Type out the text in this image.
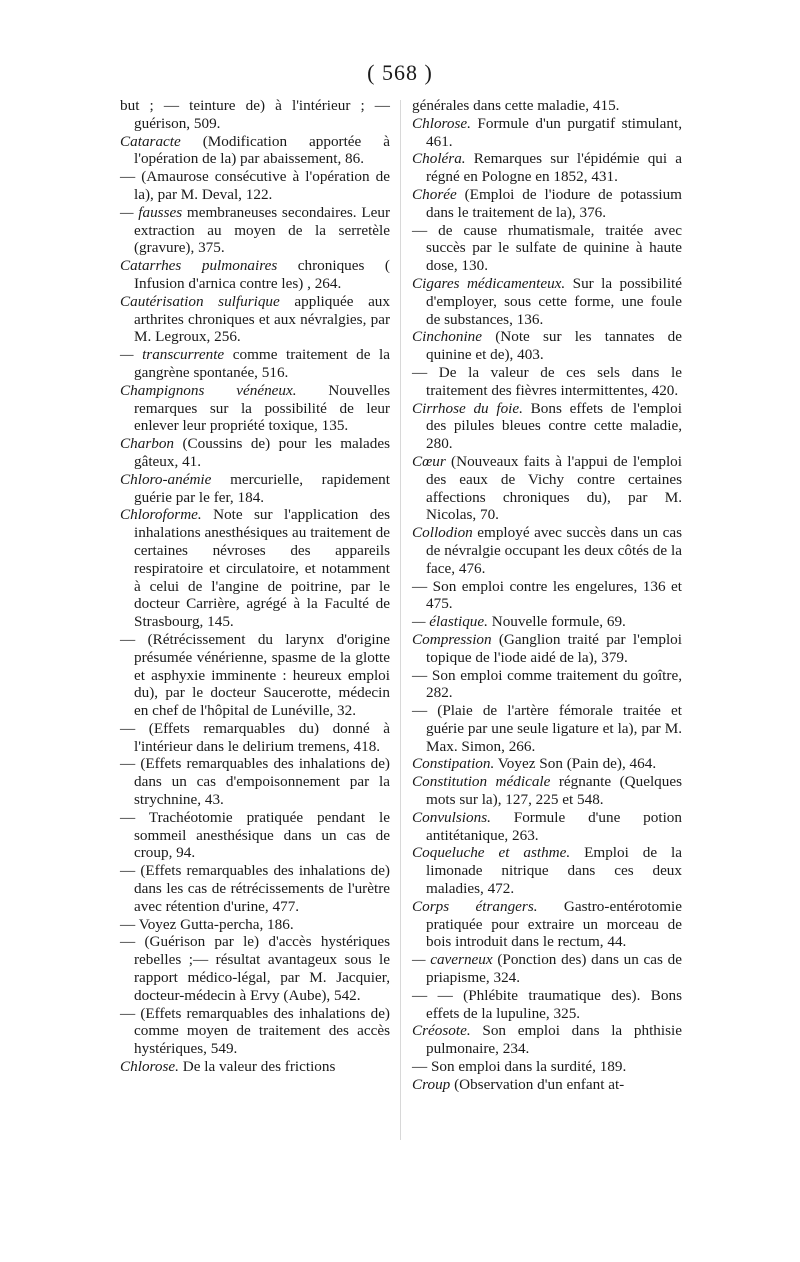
( 568 )

but ; — teinture de) à l'intérieur ; — guérison, 509.

Cataracte (Modification apportée à l'opération de la) par abaissement, 86.

— (Amaurose consécutive à l'opération de la), par M. Deval, 122.

— fausses membraneuses secondaires. Leur extraction au moyen de la serretèle (gravure), 375.

Catarrhes pulmonaires chroniques ( Infusion d'arnica contre les) , 264.

Cautérisation sulfurique appliquée aux arthrites chroniques et aux névralgies, par M. Legroux, 256.

— transcurrente comme traitement de la gangrène spontanée, 516.

Champignons vénéneux. Nouvelles remarques sur la possibilité de leur enlever leur propriété toxique, 135.

Charbon (Coussins de) pour les malades gâteux, 41.

Chloro-anémie mercurielle, rapidement guérie par le fer, 184.

Chloroforme. Note sur l'application des inhalations anesthésiques au traitement de certaines névroses des appareils respiratoire et circulatoire, et notamment à celui de l'angine de poitrine, par le docteur Carrière, agrégé à la Faculté de Strasbourg, 145.

— (Rétrécissement du larynx d'origine présumée vénérienne, spasme de la glotte et asphyxie imminente : heureux emploi du), par le docteur Saucerotte, médecin en chef de l'hôpital de Lunéville, 32.

— (Effets remarquables du) donné à l'intérieur dans le delirium tremens, 418.

— (Effets remarquables des inhalations de) dans un cas d'empoisonnement par la strychnine, 43.

— Trachéotomie pratiquée pendant le sommeil anesthésique dans un cas de croup, 94.

— (Effets remarquables des inhalations de) dans les cas de rétrécissements de l'urètre avec rétention d'urine, 477.

— Voyez Gutta-percha, 186.

— (Guérison par le) d'accès hystériques rebelles ;— résultat avantageux sous le rapport médico-légal, par M. Jacquier, docteur-médecin à Ervy (Aube), 542.

— (Effets remarquables des inhalations de) comme moyen de traitement des accès hystériques, 549.

Chlorose. De la valeur des frictions

générales dans cette maladie, 415.

Chlorose. Formule d'un purgatif stimulant, 461.

Choléra. Remarques sur l'épidémie qui a régné en Pologne en 1852, 431.

Chorée (Emploi de l'iodure de potassium dans le traitement de la), 376.

— de cause rhumatismale, traitée avec succès par le sulfate de quinine à haute dose, 130.

Cigares médicamenteux. Sur la possibilité d'employer, sous cette forme, une foule de substances, 136.

Cinchonine (Note sur les tannates de quinine et de), 403.

— De la valeur de ces sels dans le traitement des fièvres intermittentes, 420.

Cirrhose du foie. Bons effets de l'emploi des pilules bleues contre cette maladie, 280.

Cœur (Nouveaux faits à l'appui de l'emploi des eaux de Vichy contre certaines affections chroniques du), par M. Nicolas, 70.

Collodion employé avec succès dans un cas de névralgie occupant les deux côtés de la face, 476.

— Son emploi contre les engelures, 136 et 475.

— élastique. Nouvelle formule, 69.

Compression (Ganglion traité par l'emploi topique de l'iode aidé de la), 379.

— Son emploi comme traitement du goître, 282.

— (Plaie de l'artère fémorale traitée et guérie par une seule ligature et la), par M. Max. Simon, 266.

Constipation. Voyez Son (Pain de), 464.

Constitution médicale régnante (Quelques mots sur la), 127, 225 et 548.

Convulsions. Formule d'une potion antitétanique, 263.

Coqueluche et asthme. Emploi de la limonade nitrique dans ces deux maladies, 472.

Corps étrangers. Gastro-entérotomie pratiquée pour extraire un morceau de bois introduit dans le rectum, 44.

— caverneux (Ponction des) dans un cas de priapisme, 324.

— — (Phlébite traumatique des). Bons effets de la lupuline, 325.

Créosote. Son emploi dans la phthisie pulmonaire, 234.

— Son emploi dans la surdité, 189.

Croup (Observation d'un enfant at-
